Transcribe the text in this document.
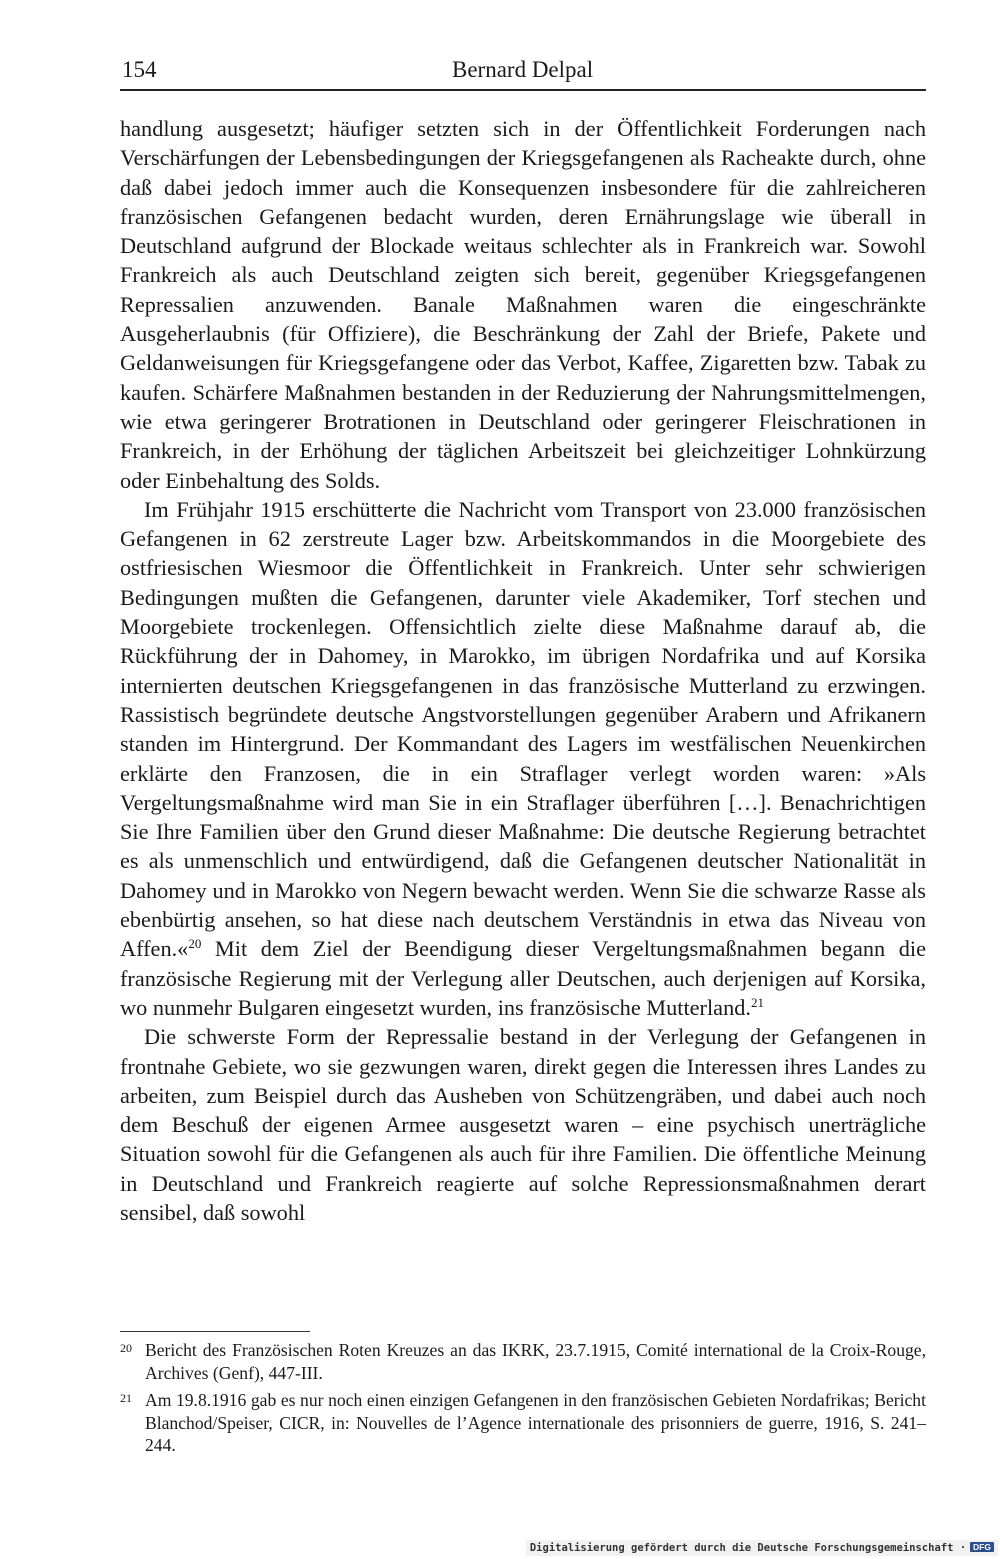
154	Bernard Delpal

handlung ausgesetzt; häufiger setzten sich in der Öffentlichkeit Forderungen nach Verschärfungen der Lebensbedingungen der Kriegsgefangenen als Racheakte durch, ohne daß dabei jedoch immer auch die Konsequenzen insbesondere für die zahlreicheren französischen Gefangenen bedacht wurden, deren Ernährungslage wie überall in Deutschland aufgrund der Blockade weitaus schlechter als in Frankreich war. Sowohl Frankreich als auch Deutschland zeigten sich bereit, gegenüber Kriegsgefangenen Repressalien anzuwenden. Banale Maßnahmen waren die eingeschränkte Ausgeherlaubnis (für Offiziere), die Beschränkung der Zahl der Briefe, Pakete und Geldanweisungen für Kriegsgefangene oder das Verbot, Kaffee, Zigaretten bzw. Tabak zu kaufen. Schärfere Maßnahmen bestanden in der Reduzierung der Nahrungsmittelmengen, wie etwa geringerer Brotrationen in Deutschland oder geringerer Fleischrationen in Frankreich, in der Erhöhung der täglichen Arbeitszeit bei gleichzeitiger Lohnkürzung oder Einbehaltung des Solds.

Im Frühjahr 1915 erschütterte die Nachricht vom Transport von 23.000 französischen Gefangenen in 62 zerstreute Lager bzw. Arbeitskommandos in die Moorgebiete des ostfriesischen Wiesmoor die Öffentlichkeit in Frankreich. Unter sehr schwierigen Bedingungen mußten die Gefangenen, darunter viele Akademiker, Torf stechen und Moorgebiete trockenlegen. Offensichtlich zielte diese Maßnahme darauf ab, die Rückführung der in Dahomey, in Marokko, im übrigen Nordafrika und auf Korsika internierten deutschen Kriegsgefangenen in das französische Mutterland zu erzwingen. Rassistisch begründete deutsche Angstvorstellungen gegenüber Arabern und Afrikanern standen im Hintergrund. Der Kommandant des Lagers im westfälischen Neuenkirchen erklärte den Franzosen, die in ein Straflager verlegt worden waren: »Als Vergeltungsmaßnahme wird man Sie in ein Straflager überführen […]. Benachrichtigen Sie Ihre Familien über den Grund dieser Maßnahme: Die deutsche Regierung betrachtet es als unmenschlich und entwürdigend, daß die Gefangenen deutscher Nationalität in Dahomey und in Marokko von Negern bewacht werden. Wenn Sie die schwarze Rasse als ebenbürtig ansehen, so hat diese nach deutschem Verständnis in etwa das Niveau von Affen.«$^{20}$ Mit dem Ziel der Beendigung dieser Vergeltungsmaßnahmen begann die französische Regierung mit der Verlegung aller Deutschen, auch derjenigen auf Korsika, wo nunmehr Bulgaren eingesetzt wurden, ins französische Mutterland.$^{21}$

Die schwerste Form der Repressalie bestand in der Verlegung der Gefangenen in frontnahe Gebiete, wo sie gezwungen waren, direkt gegen die Interessen ihres Landes zu arbeiten, zum Beispiel durch das Ausheben von Schützengräben, und dabei auch noch dem Beschuß der eigenen Armee ausgesetzt waren – eine psychisch unerträgliche Situation sowohl für die Gefangenen als auch für ihre Familien. Die öffentliche Meinung in Deutschland und Frankreich reagierte auf solche Repressionsmaßnahmen derart sensibel, daß sowohl

20 Bericht des Französischen Roten Kreuzes an das IKRK, 23.7.1915, Comité international de la Croix-Rouge, Archives (Genf), 447-III.
21 Am 19.8.1916 gab es nur noch einen einzigen Gefangenen in den französischen Gebieten Nordafrikas; Bericht Blanchod/Speiser, CICR, in: Nouvelles de l’Agence internationale des prisonniers de guerre, 1916, S. 241–244.
Digitalisierung gefördert durch die Deutsche Forschungsgemeinschaft · DFG
